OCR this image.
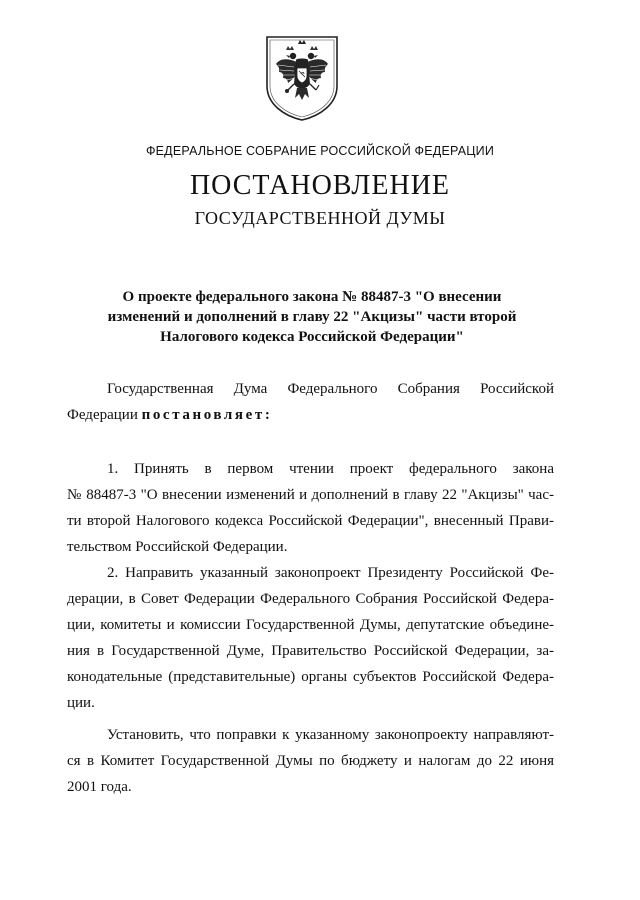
ФЕДЕРАЛЬНОЕ СОБРАНИЕ РОССИЙСКОЙ ФЕДЕРАЦИИ
ПОСТАНОВЛЕНИЕ
ГОСУДАРСТВЕННОЙ ДУМЫ
О проекте федерального закона № 88487-3 "О внесении
изменений и дополнений в главу 22 "Акцизы" части второй
Налогового кодекса Российской Федерации"
Государственная Дума Федерального Собрания Российской
Федерации постановляет:
1. Принять в первом чтении проект федерального закона
№ 88487-3 "О внесении изменений и дополнений в главу 22 "Акцизы" час-
ти второй Налогового кодекса Российской Федерации", внесенный Прави-
тельством Российской Федерации.
2. Направить указанный законопроект Президенту Российской Фе-
дерации, в Совет Федерации Федерального Собрания Российской Федера-
ции, комитеты и комиссии Государственной Думы, депутатские объедине-
ния в Государственной Думе, Правительство Российской Федерации, за-
конодательные (представительные) органы субъектов Российской Федера-
ции.
Установить, что поправки к указанному законопроекту направляют-
ся в Комитет Государственной Думы по бюджету и налогам до 22 июня
2001 года.
